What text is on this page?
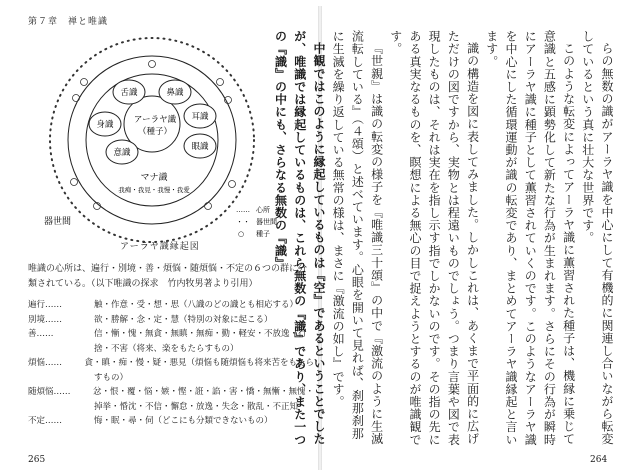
第７章　禅と唯識
舌識	鼻識
耳識
眼識
身識
意識
アーラヤ識
（種子）
マナ識
我痴・我見・我慢・我愛
器世間
…… 心所
・・ 器世間
○ 種子
アーラヤ識縁起図
唯識の心所は、遍行・別境・善・煩悩・随煩悩・不定の６つの群に分類されている。（以下唯識の探求　竹内牧男著より引用）
遍行……	触・作意・受・想・思（八識のどの識とも相応する）
別境……	欲・勝解・念・定・慧（特別の対象に起こる）
善……	信・慚・愧・無貪・無瞋・無痴・勤・軽安・不放逸・行
捨・不害（将来、楽をもたらすもの）
煩悩……	貪・瞋・痴・慢・疑・悪見（煩悩も随煩悩も将来苦をもたら
すもの）
随煩悩……	忿・恨・覆・悩・嫉・慳・誑・諂・害・憍・無慚・無愧・
掉挙・惛沈・不信・懈怠・放逸・失念・散乱・不正知
不定……	悔・眠・尋・伺（どこにも分類できないもの）	らの無数の識がアーラヤ識を中心にして有機的に関連し合いながら転変しているという真に壮大な世界です。

このような転変によってアーラヤ識に薫習された種子は、機縁に乗じて意識と五感に顕勢化して新たな行為が生まれます。さらにその行為が瞬時にアーラヤ識に種子として薫習されていくのです。このようなアーラヤ識を中心にした循環運動が識の転変であり、まとめてアーラヤ識縁起と言います。

識の構造を図に表してみました。しかしこれは、あくまで平面的に広げただけの図ですから、実物とは程遠いものでしょう。つまり言葉や図で表現したものは、それは実在を指し示す指でしかないのです。その指の先にある真実なるものを、瞑想による無心の目で捉えようとするのが唯識観です。

『世親』は識の転変の様子を『唯識三十頌』の中で『激流のように生滅流転している』（４頌）と述べています。心眼を開いて見れば、刹那刹那に生滅を繰り返している無常の様は、まさに『激流の如し』です。

中観ではこのように縁起しているものは『空』であるということでしたが、唯識では縁起しているものは、これら無数の『識』であり、また一つの『識』の中にも、さらなる無数の『識』

265	264
